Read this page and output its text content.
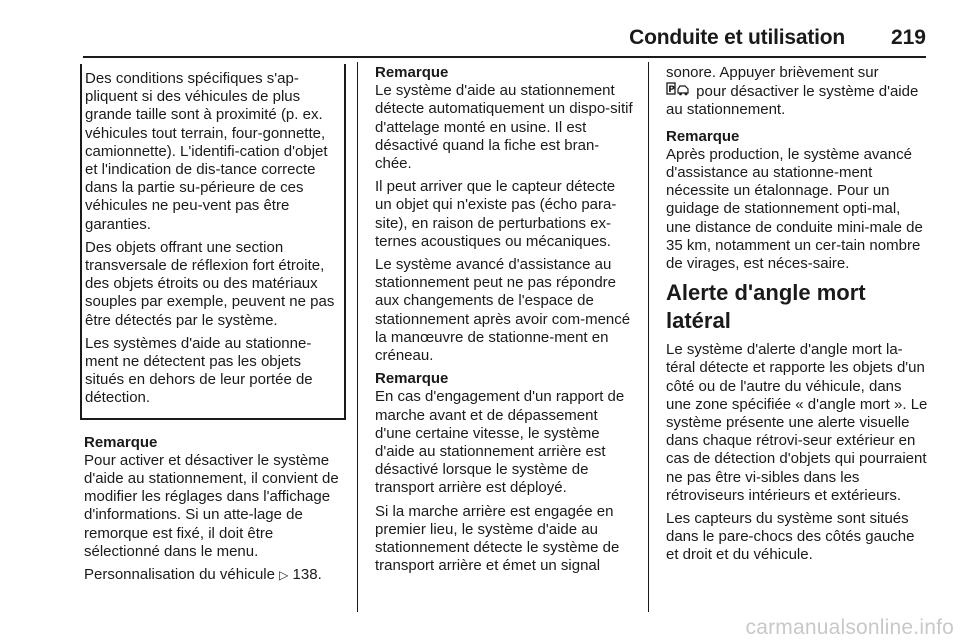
Conduite et utilisation 219

Des conditions spécifiques s'ap-pliquent si des véhicules de plus grande taille sont à proximité (p. ex. véhicules tout terrain, four-gonnette, camionnette). L'identifi-cation d'objet et l'indication de dis-tance correcte dans la partie su-périeure de ces véhicules ne peu-vent pas être garanties.

Des objets offrant une section transversale de réflexion fort étroite, des objets étroits ou des matériaux souples par exemple, peuvent ne pas être détectés par le système.

Les systèmes d'aide au stationne-ment ne détectent pas les objets situés en dehors de leur portée de détection.

Remarque

Pour activer et désactiver le système d'aide au stationnement, il convient de modifier les réglages dans l'affichage d'informations. Si un atte-lage de remorque est fixé, il doit être sélectionné dans le menu.

Personnalisation du véhicule ▷ 138.

Remarque

Le système d'aide au stationnement détecte automatiquement un dispo-sitif d'attelage monté en usine. Il est désactivé quand la fiche est bran-chée.

Il peut arriver que le capteur détecte un objet qui n'existe pas (écho para-site), en raison de perturbations ex-ternes acoustiques ou mécaniques.

Le système avancé d'assistance au stationnement peut ne pas répondre aux changements de l'espace de stationnement après avoir com-mencé la manœuvre de stationne-ment en créneau.

Remarque

En cas d'engagement d'un rapport de marche avant et de dépassement d'une certaine vitesse, le système d'aide au stationnement arrière est désactivé lorsque le système de transport arrière est déployé.

Si la marche arrière est engagée en premier lieu, le système d'aide au stationnement détecte le système de transport arrière et émet un signal

sonore. Appuyer brièvement sur

P pour désactiver le système d'aide au stationnement.

Remarque

Après production, le système avancé d'assistance au stationne-ment nécessite un étalonnage. Pour un guidage de stationnement opti-mal, une distance de conduite mini-male de 35 km, notamment un cer-tain nombre de virages, est néces-saire.

Alerte d'angle mort latéral

Le système d'alerte d'angle mort la-téral détecte et rapporte les objets d'un côté ou de l'autre du véhicule, dans une zone spécifiée « d'angle mort ». Le système présente une alerte visuelle dans chaque rétrovi-seur extérieur en cas de détection d'objets qui pourraient ne pas être vi-sibles dans les rétroviseurs intérieurs et extérieurs.

Les capteurs du système sont situés dans le pare-chocs des côtés gauche et droit et du véhicule.

carmanualsonline.info
